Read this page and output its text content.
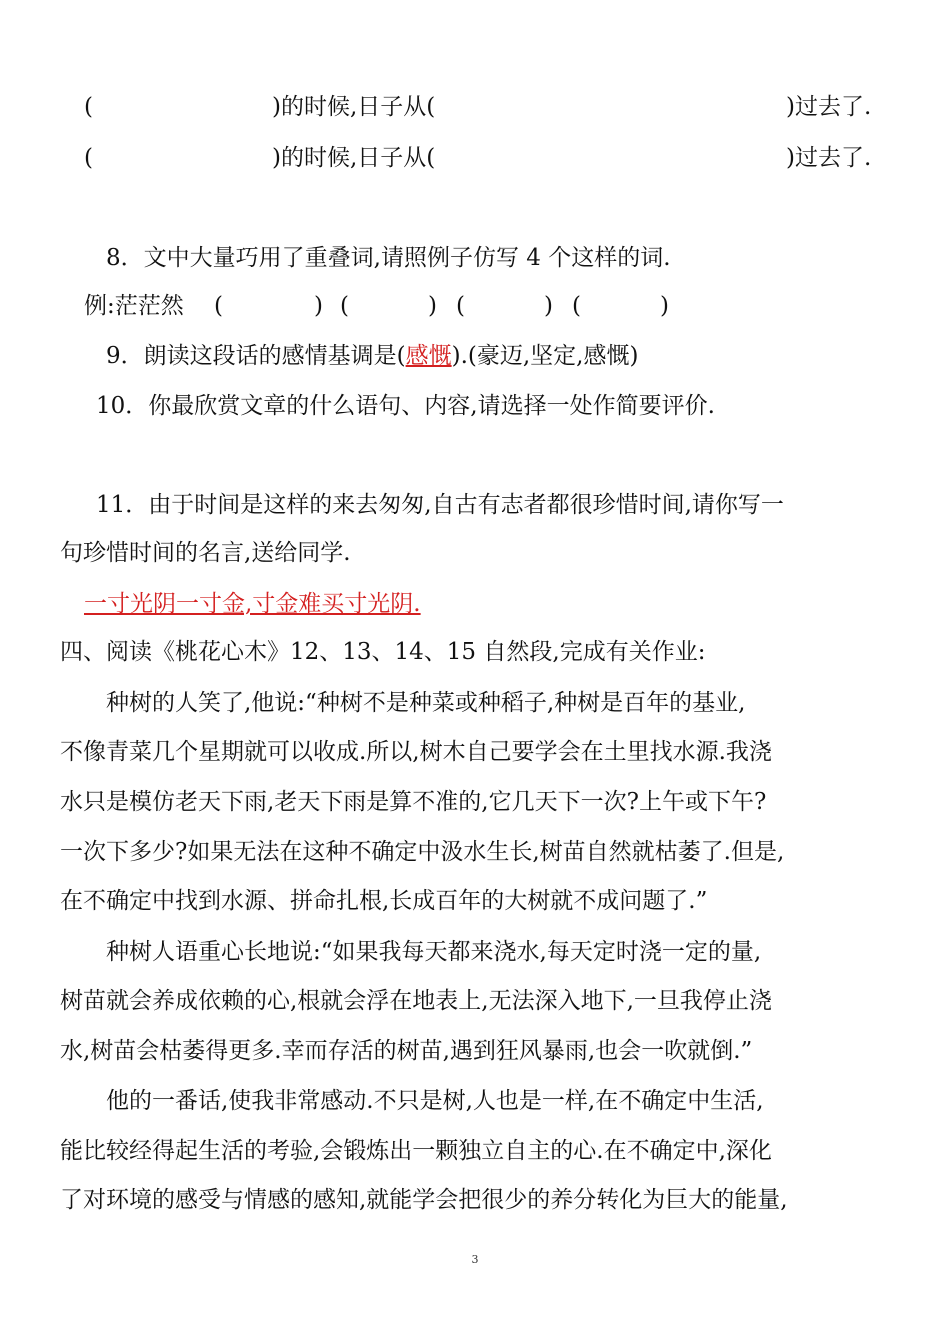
(	)的时候,日子从(	)过去了.
(	)的时候,日子从(	)过去了.
8．文中大量巧用了重叠词,请照例子仿写 4 个这样的词.
例:茫茫然 (	) (	) (	) (	)
9．朗读这段话的感情基调是(感慨).(豪迈,坚定,感慨)
10．你最欣赏文章的什么语句、内容,请选择一处作简要评价.
11．由于时间是这样的来去匆匆,自古有志者都很珍惜时间,请你写一
句珍惜时间的名言,送给同学.
一寸光阴一寸金,寸金难买寸光阴.
四、阅读《桃花心木》12、13、14、15 自然段,完成有关作业:
种树的人笑了,他说:“种树不是种菜或种稻子,种树是百年的基业,
不像青菜几个星期就可以收成.所以,树木自己要学会在土里找水源.我浇
水只是模仿老天下雨,老天下雨是算不准的,它几天下一次?上午或下午?
一次下多少?如果无法在这种不确定中汲水生长,树苗自然就枯萎了.但是,
在不确定中找到水源、拼命扎根,长成百年的大树就不成问题了.”
种树人语重心长地说:“如果我每天都来浇水,每天定时浇一定的量,
树苗就会养成依赖的心,根就会浮在地表上,无法深入地下,一旦我停止浇
水,树苗会枯萎得更多.幸而存活的树苗,遇到狂风暴雨,也会一吹就倒.”
他的一番话,使我非常感动.不只是树,人也是一样,在不确定中生活,
能比较经得起生活的考验,会锻炼出一颗独立自主的心.在不确定中,深化
了对环境的感受与情感的感知,就能学会把很少的养分转化为巨大的能量,
3
